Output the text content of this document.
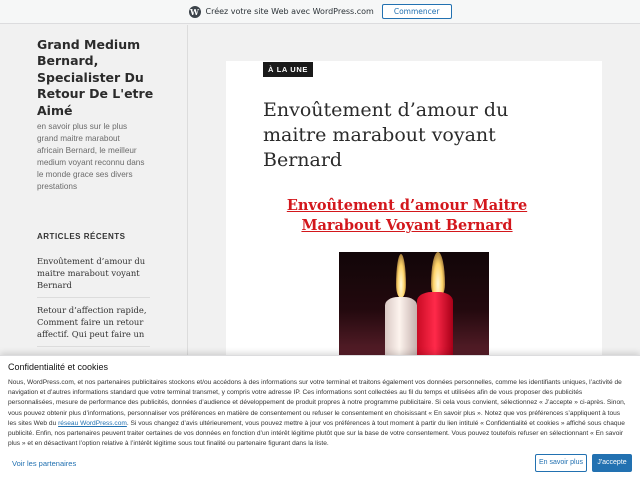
W Créez votre site Web avec WordPress.com	Commencer
Grand Medium Bernard, Specialister Du Retour De L'etre Aimé
en savoir plus sur le plus grand maitre marabout africain Bernard, le meilleur medium voyant reconnu dans le monde grace ses divers prestations
ARTICLES RÉCENTS
Envoûtement d’amour du maitre marabout voyant Bernard
Retour d’affection rapide, Comment faire un retour affectif. Qui peut faire un
À LA UNE
Envoûtement d’amour du maitre marabout voyant Bernard
Envoûtement d’amour Maitre Marabout Voyant Bernard
Confidentialité et cookies
Nous, WordPress.com, et nos partenaires publicitaires stockons et/ou accédons à des informations sur votre terminal et traitons également vos données personnelles, comme les identifiants uniques, l’activité de navigation et d’autres informations standard que votre terminal transmet, y compris votre adresse IP. Ces informations sont collectées au fil du temps et utilisées afin de vous proposer des publicités personnalisées, mesure de performance des publicités, données d’audience et développement de produit propres à notre programme publicitaire. Si cela vous convient, sélectionnez « J’accepte » ci-après. Sinon, vous pouvez obtenir plus d’informations, personnaliser vos préférences en matière de consentement ou refuser le consentement en choisissant « En savoir plus ». Notez que vos préférences s’appliquent à tous les sites Web du réseau WordPress.com. Si vous changez d’avis ultérieurement, vous pouvez mettre à jour vos préférences à tout moment à partir du lien intitulé « Confidentialité et cookies » affiché sous chaque publicité. Enfin, nos partenaires peuvent traiter certaines de vos données en fonction d’un intérêt légitime plutôt que sur la base de votre consentement. Vous pouvez toutefois refuser en sélectionnant « En savoir plus » et en désactivant l’option relative à l’intérêt légitime sous tout finalité ou partenaire figurant dans la liste.
Voir les partenaires	En savoir plus	J'accepte
